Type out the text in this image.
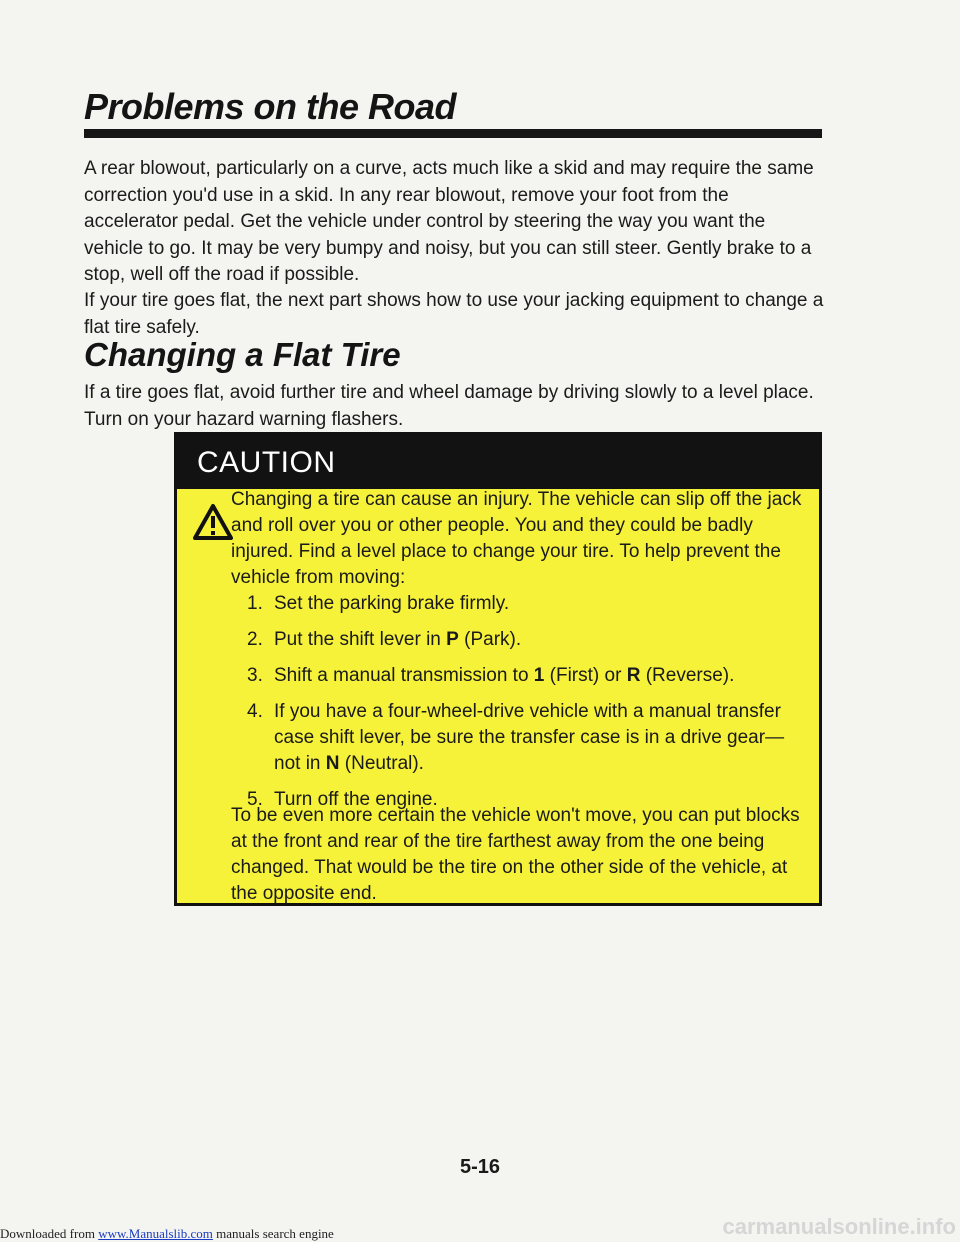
Problems on the Road

A rear blowout, particularly on a curve, acts much like a skid and may require the same correction you'd use in a skid. In any rear blowout, remove your foot from the accelerator pedal. Get the vehicle under control by steering the way you want the vehicle to go. It may be very bumpy and noisy, but you can still steer. Gently brake to a stop, well off the road if possible.

If your tire goes flat, the next part shows how to use your jacking equipment to change a flat tire safely.

Changing a Flat Tire

If a tire goes flat, avoid further tire and wheel damage by driving slowly to a level place. Turn on your hazard warning flashers.

CAUTION

Changing a tire can cause an injury. The vehicle can slip off the jack and roll over you or other people. You and they could be badly injured. Find a level place to change your tire. To help prevent the vehicle from moving:

1. Set the parking brake firmly.
2. Put the shift lever in P (Park).
3. Shift a manual transmission to 1 (First) or R (Reverse).
4. If you have a four-wheel-drive vehicle with a manual transfer case shift lever, be sure the transfer case is in a drive gear—not in N (Neutral).
5. Turn off the engine.

To be even more certain the vehicle won't move, you can put blocks at the front and rear of the tire farthest away from the one being changed. That would be the tire on the other side of the vehicle, at the opposite end.

5-16
Downloaded from www.Manualslib.com manuals search engine	carmanualsonline.info
